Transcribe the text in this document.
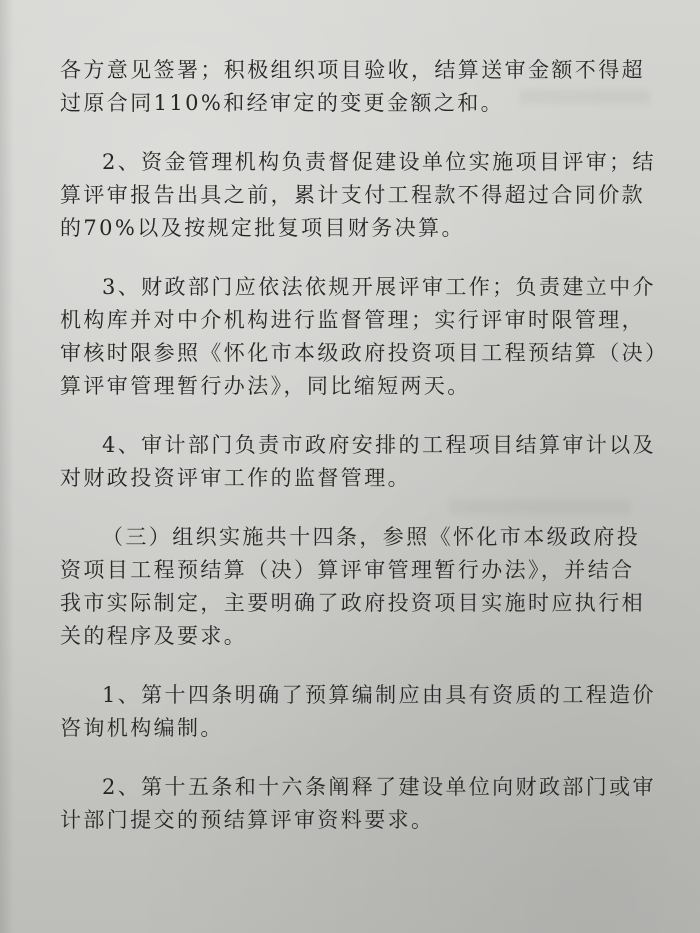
各方意见签署；积极组织项目验收，结算送审金额不得超
过原合同110%和经审定的变更金额之和。
2、资金管理机构负责督促建设单位实施项目评审；结
算评审报告出具之前，累计支付工程款不得超过合同价款
的70%以及按规定批复项目财务决算。
3、财政部门应依法依规开展评审工作；负责建立中介
机构库并对中介机构进行监督管理；实行评审时限管理，
审核时限参照《怀化市本级政府投资项目工程预结算（决）
算评审管理暂行办法》，同比缩短两天。
4、审计部门负责市政府安排的工程项目结算审计以及
对财政投资评审工作的监督管理。
（三）组织实施共十四条，参照《怀化市本级政府投
资项目工程预结算（决）算评审管理暂行办法》，并结合
我市实际制定，主要明确了政府投资项目实施时应执行相
关的程序及要求。
1、第十四条明确了预算编制应由具有资质的工程造价
咨询机构编制。
2、第十五条和十六条阐释了建设单位向财政部门或审
计部门提交的预结算评审资料要求。
